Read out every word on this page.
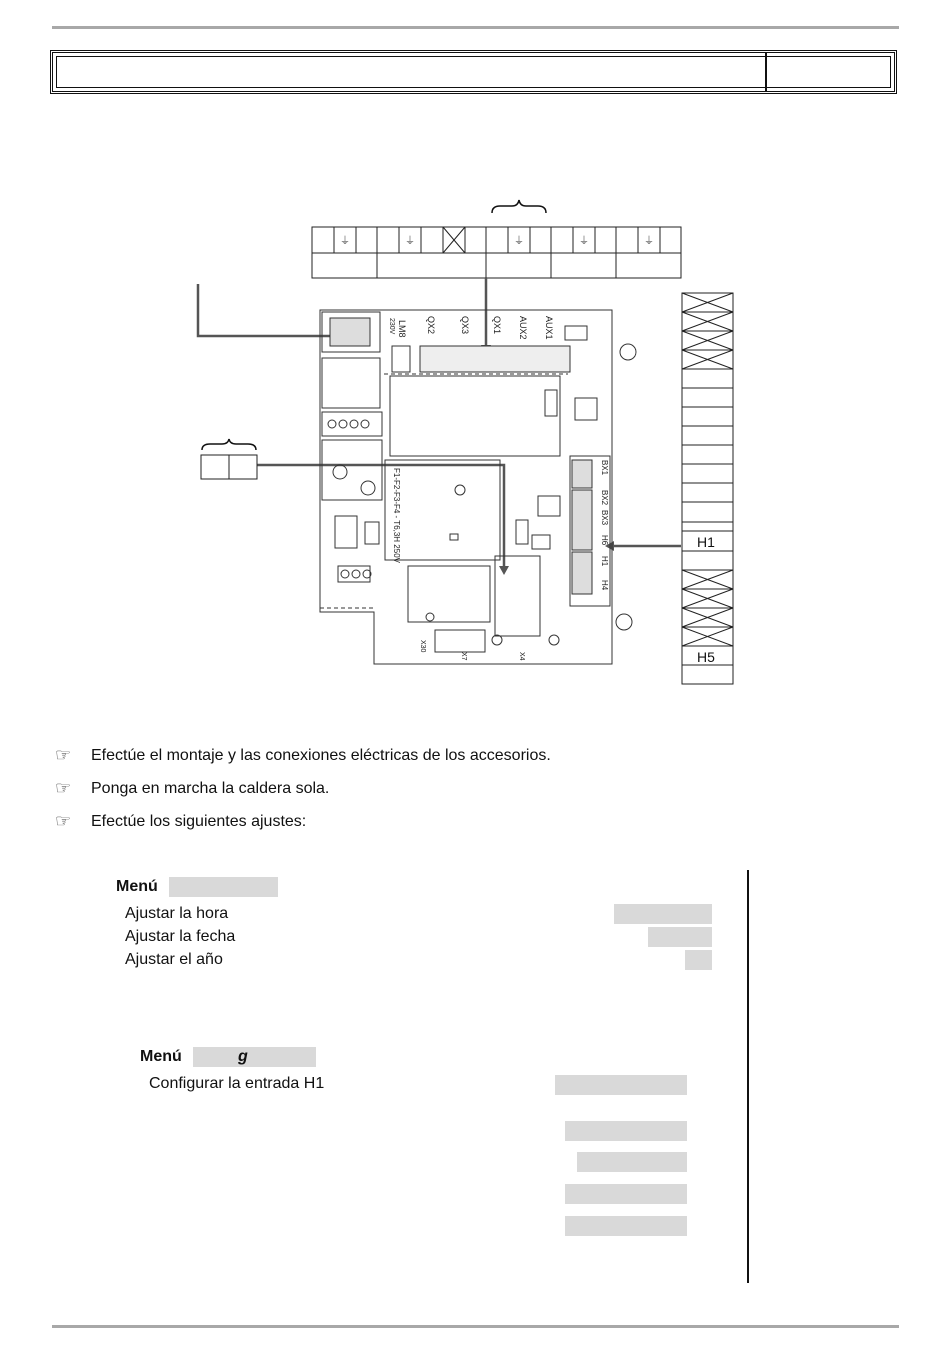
⏚	⏚	⏚	⏚	⏚
LM8 QX2	QX3 QX1 AUX2 AUX1
230V
F1-F2-F3-F4 - T6,3H 250V
BX1
BX2
BX3
H6
H1
H4
X30
X7	X4
H1
H5
☞	Efectúe el montaje y las conexiones eléctricas de los accesorios.
☞	Ponga en marcha la caldera sola.
☞	Efectúe los siguientes ajustes:
Menú
Ajustar la hora
Ajustar la fecha
Ajustar el año
Menú	g
Configurar la entrada H1
